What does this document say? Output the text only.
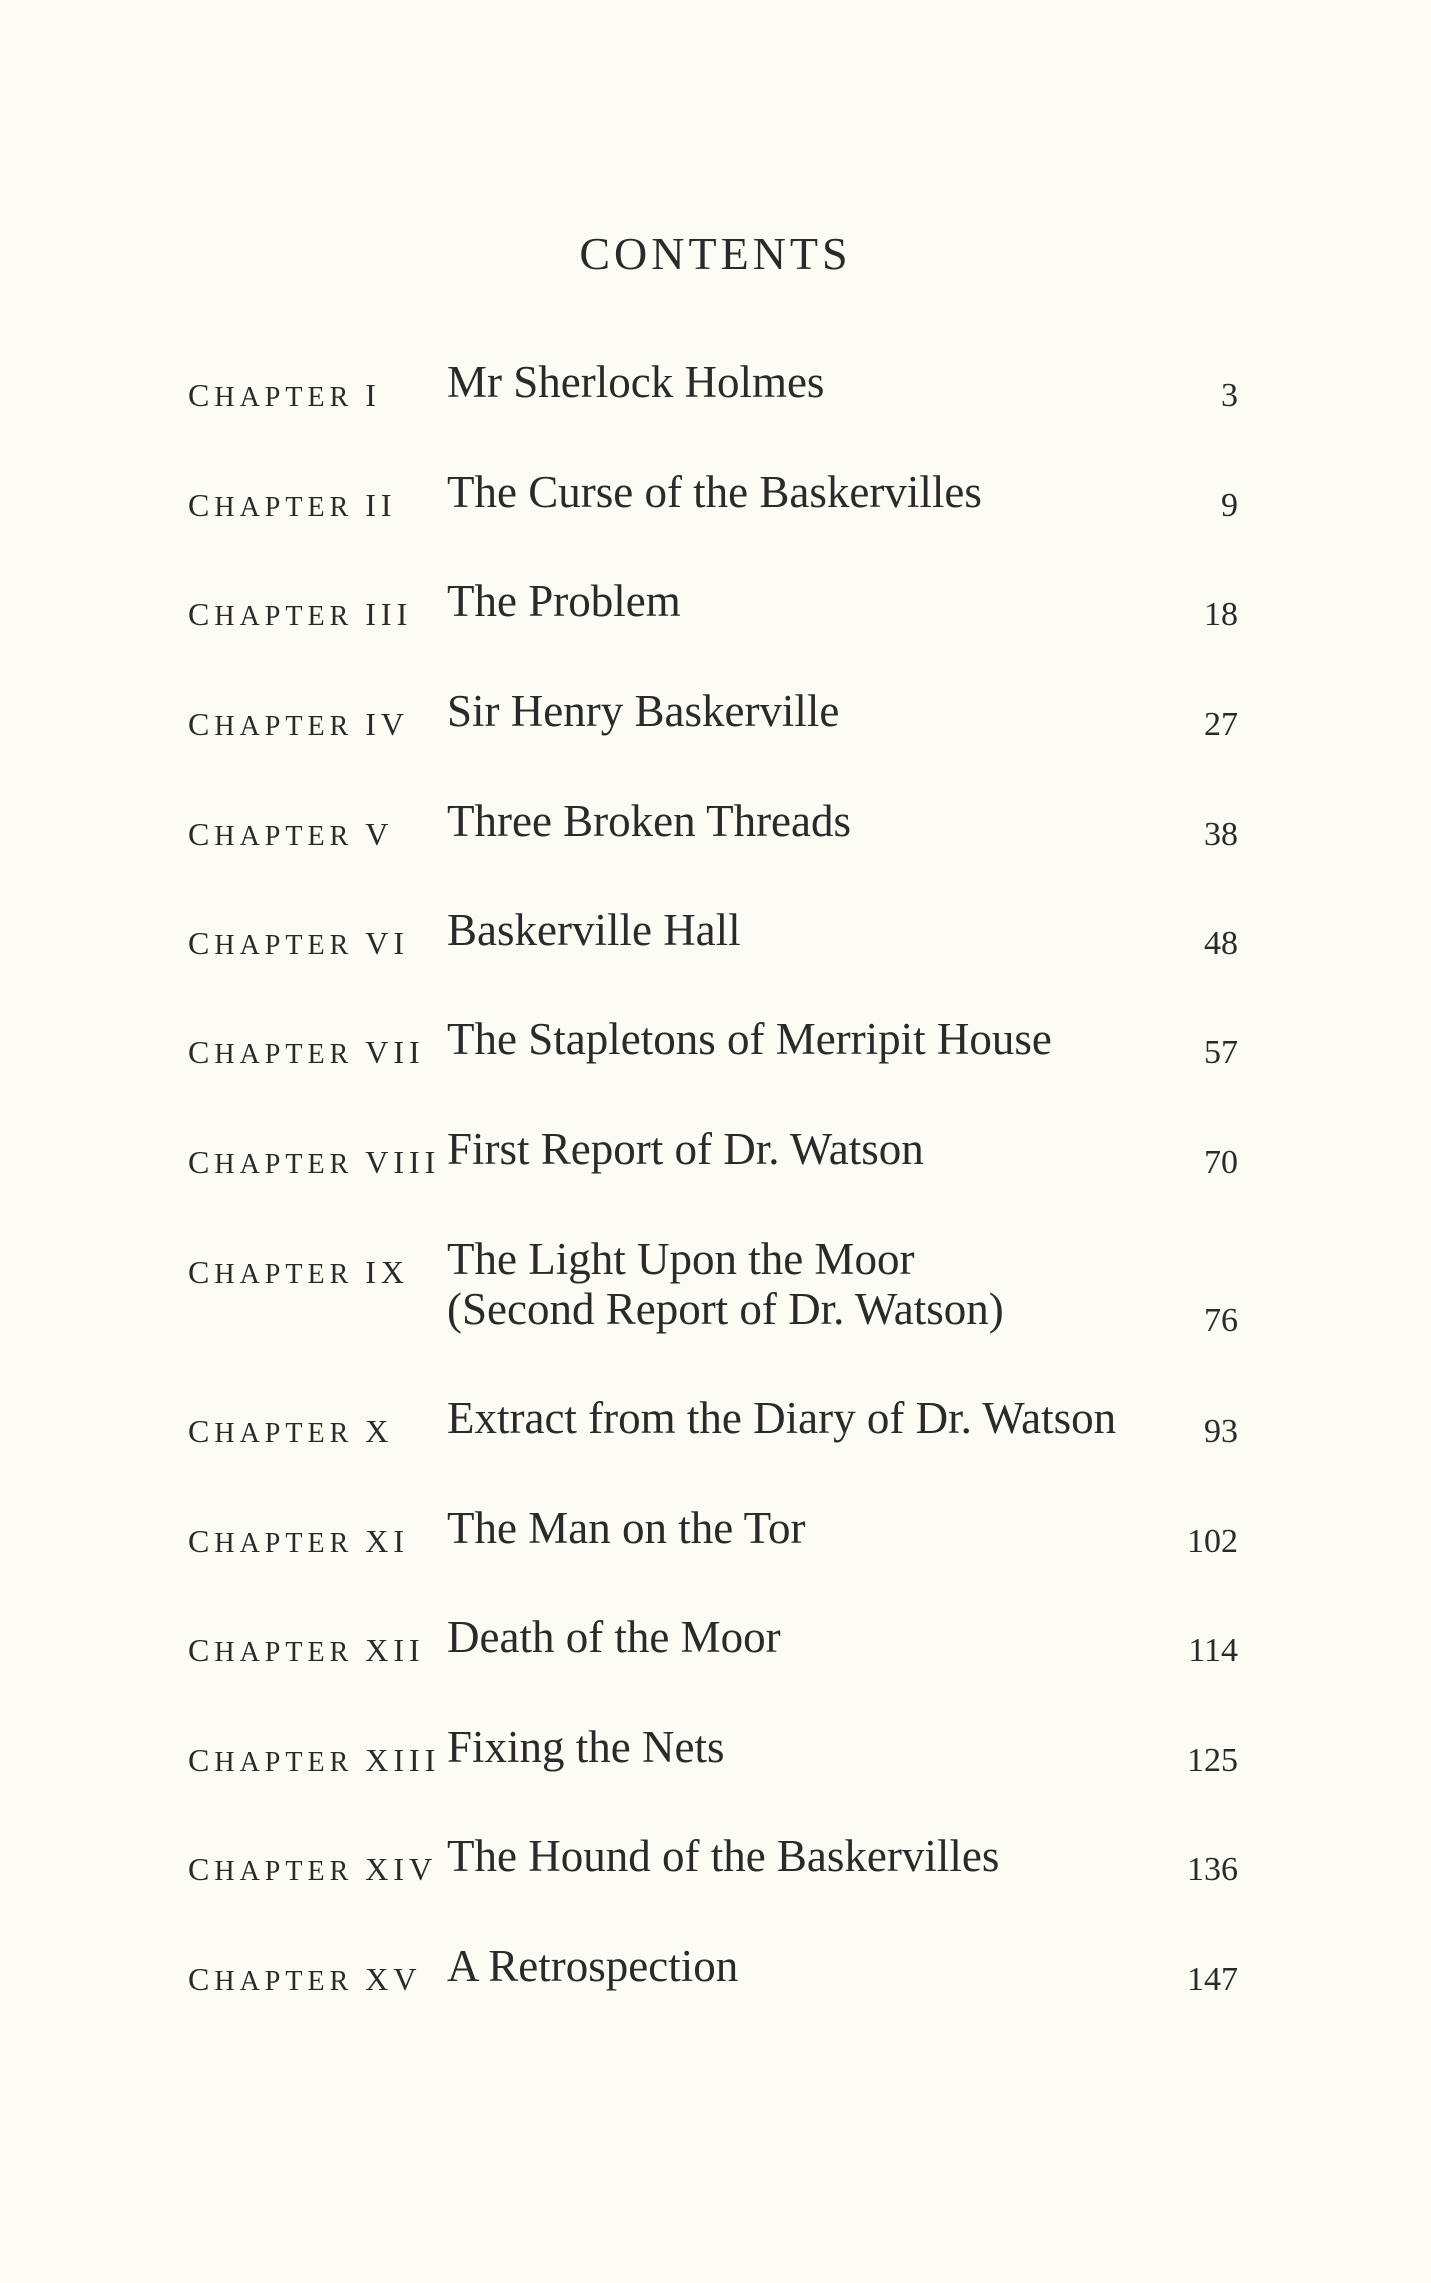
CONTENTS
CHAPTER I Mr Sherlock Holmes	3
CHAPTER II The Curse of the Baskervilles	9
CHAPTER III The Problem	18
CHAPTER IV Sir Henry Baskerville	27
CHAPTER V Three Broken Threads	38
CHAPTER VI Baskerville Hall	48
CHAPTER VII The Stapletons of Merripit House	57
CHAPTER VIII First Report of Dr. Watson	70
CHAPTER IX The Light Upon the Moor
(Second Report of Dr. Watson)	76
CHAPTER X Extract from the Diary of Dr. Watson	93
CHAPTER XI The Man on the Tor	102
CHAPTER XII Death of the Moor	114
CHAPTER XIII Fixing the Nets	125
CHAPTER XIV The Hound of the Baskervilles	136
CHAPTER XV A Retrospection	147
